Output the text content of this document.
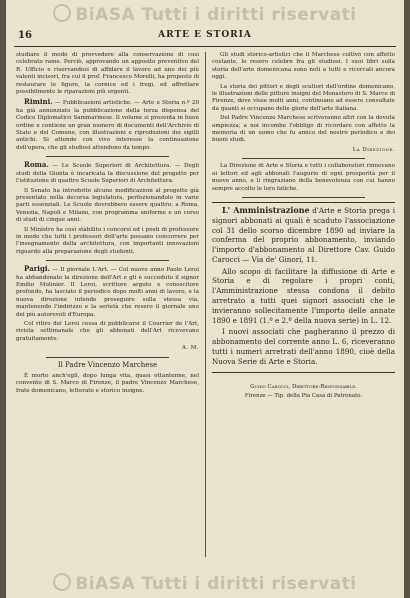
BiASA Tutti i diritti riservati
16	ARTE E STORIA

studiare il modo di provvedere alla conservazione di così celebrato rame. Perciò, approvando un apposito preventivo del R. Ufficio e riservandosi di affidare il lavoro ad uno dei più valenti incisori, fra cui il prof. Francesco Morelli, ha proposto di restaurare le figure, la cornice ed i fregi, ed affrettare possibilmente le riparazioni più urgenti.

Rimini. — Pubblicazioni artistiche. — Arte e Storia n.º 20 ha già annunziato la pubblicazione della terza dispensa del Codice Diplomatico Sammarinese. Il volume si presenta in buon ordine e contiene un gran numero di documenti dell'Archivio di Stato e del Comune, con illustrazioni e riproduzioni dei sigilli antichi. Si attende con vivo interesse la continuazione dell'opera, che gli studiosi attendono da tempo.

Roma. — Le Scuole Superiori di Architettura. — Degli studi della Giunta è incaricata la discussione del progetto per l'istituzione di quattro Scuole Superiori di Architettura.

Il Senato ha introdotto alcune modificazioni al progetto già presentato nella decorsa legislatura, perfezionandolo in varie parti essenziali. Le Scuole dovrebbero essere quattro: a Roma, Venezia, Napoli e Milano, con programma uniforme e un corso di studi di cinque anni.

Il Ministro ha così stabilito i concorsi ed i posti di professore in modo che tutti i professori dell'arte possano concorrere per l'insegnamento della architettura, con importanti innovazioni riguardo alla preparazione degli studenti.

Parigi. — Il giornale L'Art. — Col nuovo anno Paolo Leroi ha abbandonato la direzione dell'Art e gli è succeduto il signor Emilio Molinier. Il Leroi, scrittore arguto e conoscitore profondo, ha lasciato il periodico dopo molti anni di lavoro, e la nuova direzione intende proseguire sulla stessa via, mantenendo l'indirizzo e la serietà che resero il giornale uno dei più autorevoli d'Europa.

Col ritiro del Leroi cessa di pubblicarsi il Courrier de l'Art, rivista settimanale che gli abbonati dell'Art ricevevano gratuitamente.

A. M.

Il Padre Vincenzo Marchese

È morto anch'egli, dopo lunga vita, quasi ottantenne, nel convento di S. Marco di Firenze, il padre Vincenzo Marchese, frate domenicano, letterato e storico insigne.

Gli studi storico-artistici che il Marchese coltivò con affetto costante, lo resero celebre fra gli studiosi. I suoi libri sulla storia dell'arte domenicana sono noti a tutti e ricercati ancora oggi.

La storia dei pittori e degli scultori dell'ordine domenicano, le illustrazioni delle pitture insigni del Monastero di S. Marco di Firenze, dove visse molti anni, continuano ad essere consultate da quanti si occupano delle glorie dell'arte italiana.

Del Padre Vincenzo Marchese scriveranno altri con la dovuta ampiezza; a noi incombe l'obbligo di ricordare con affetto la memoria di un uomo che fu amico del nostro periodico e dei buoni studi.

La Direzione.

La Direzione di Arte e Storia e tutti i collaboratori rinnovano ai lettori ed agli abbonati l'augurio di ogni prosperità per il nuovo anno, e li ringraziano della benevolenza con cui hanno sempre accolto le loro fatiche.

L' Amministrazione d'Arte e Storia prega i signori abbonati ai quali è scaduto l'associazione col 31 dello scorso dicembre 1890 ad inviare la conferma del proprio abbonamento, inviando l'importo d'abbonamento al Direttore Cav. Guido Carocci — Via de' Ginori, 11.

Allo scopo di facilitare la diffusione di Arte e Storia e di regolare i propri conti, l'Amministrazione stessa condona il debito arretrato a tutti quei signori associati che le invieranno sollecitamente l'importo delle annate 1890 e 1891 (1.º e 2.º della nuova serie) in L. 12.

I nuovi associati che pagheranno il prezzo di abbonamento del corrente anno L. 6, riceveranno tutti i numeri arretrati dell'anno 1890, cioè della Nuova Serie di Arte e Storia.

Guido Carocci, Direttore-Responsabile.
Firenze — Tip. della Pia Casa di Patronato.
BiASA Tutti i diritti riservati
